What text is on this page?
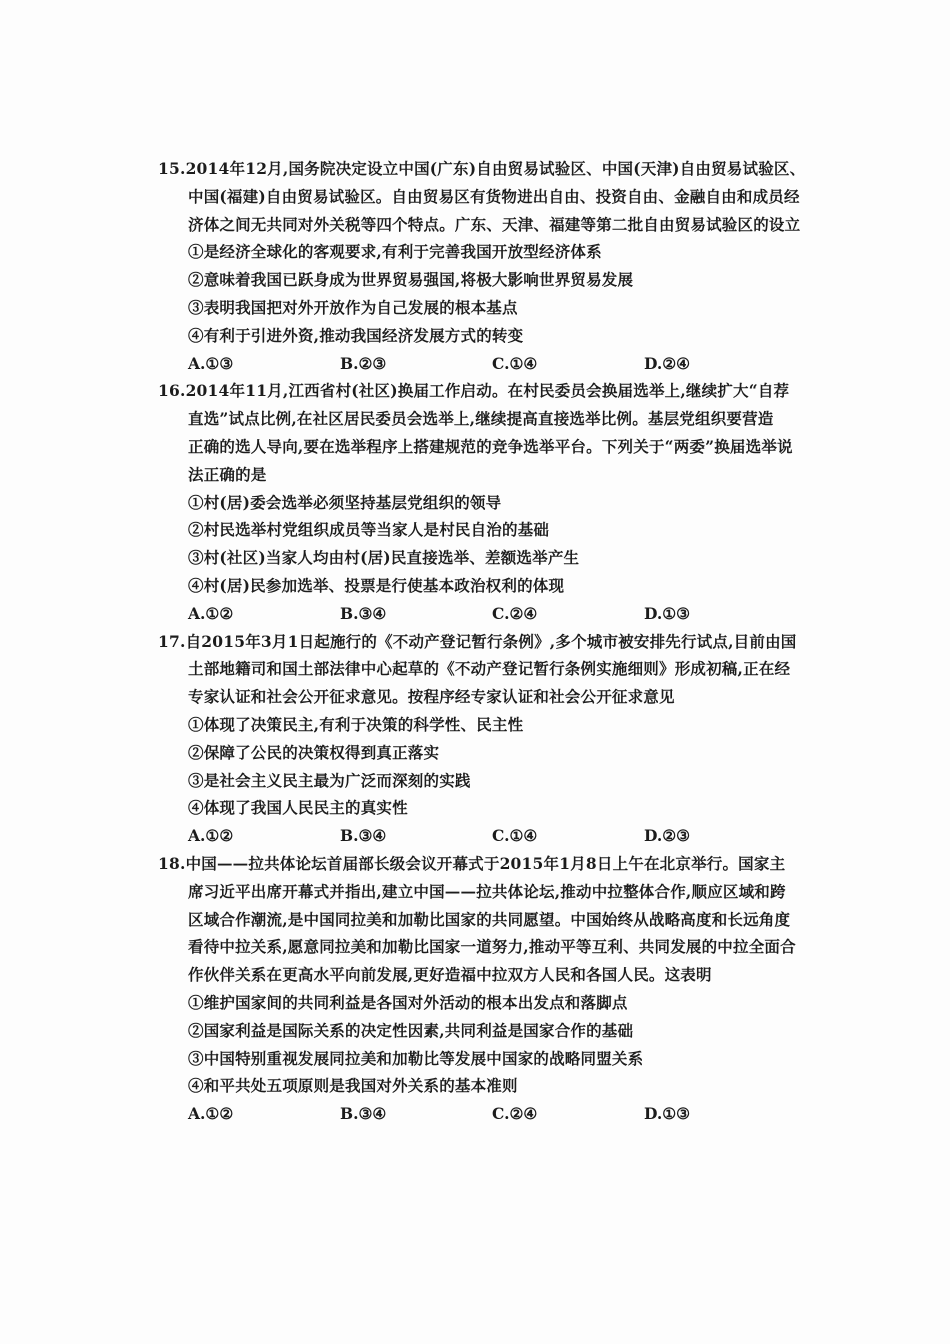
15.2014年12月,国务院决定设立中国(广东)自由贸易试验区、中国(天津)自由贸易试验区、
中国(福建)自由贸易试验区。自由贸易区有货物进出自由、投资自由、金融自由和成员经
济体之间无共同对外关税等四个特点。广东、天津、福建等第二批自由贸易试验区的设立
①是经济全球化的客观要求,有利于完善我国开放型经济体系
②意味着我国已跃身成为世界贸易强国,将极大影响世界贸易发展
③表明我国把对外开放作为自己发展的根本基点
④有利于引进外资,推动我国经济发展方式的转变
A.①③	B.②③	C.①④	D.②④
16.2014年11月,江西省村(社区)换届工作启动。在村民委员会换届选举上,继续扩大“自荐
直选”试点比例,在社区居民委员会选举上,继续提高直接选举比例。基层党组织要营造
正确的选人导向,要在选举程序上搭建规范的竞争选举平台。下列关于“两委”换届选举说
法正确的是
①村(居)委会选举必须坚持基层党组织的领导
②村民选举村党组织成员等当家人是村民自治的基础
③村(社区)当家人均由村(居)民直接选举、差额选举产生
④村(居)民参加选举、投票是行使基本政治权利的体现
A.①②	B.③④	C.②④	D.①③
17.自2015年3月1日起施行的《不动产登记暂行条例》,多个城市被安排先行试点,目前由国
土部地籍司和国土部法律中心起草的《不动产登记暂行条例实施细则》形成初稿,正在经
专家认证和社会公开征求意见。按程序经专家认证和社会公开征求意见
①体现了决策民主,有利于决策的科学性、民主性
②保障了公民的决策权得到真正落实
③是社会主义民主最为广泛而深刻的实践
④体现了我国人民民主的真实性
A.①②	B.③④	C.①④	D.②③
18.中国——拉共体论坛首届部长级会议开幕式于2015年1月8日上午在北京举行。国家主
席习近平出席开幕式并指出,建立中国——拉共体论坛,推动中拉整体合作,顺应区域和跨
区域合作潮流,是中国同拉美和加勒比国家的共同愿望。中国始终从战略高度和长远角度
看待中拉关系,愿意同拉美和加勒比国家一道努力,推动平等互利、共同发展的中拉全面合
作伙伴关系在更高水平向前发展,更好造福中拉双方人民和各国人民。这表明
①维护国家间的共同利益是各国对外活动的根本出发点和落脚点
②国家利益是国际关系的决定性因素,共同利益是国家合作的基础
③中国特别重视发展同拉美和加勒比等发展中国家的战略同盟关系
④和平共处五项原则是我国对外关系的基本准则
A.①②	B.③④	C.②④	D.①③
